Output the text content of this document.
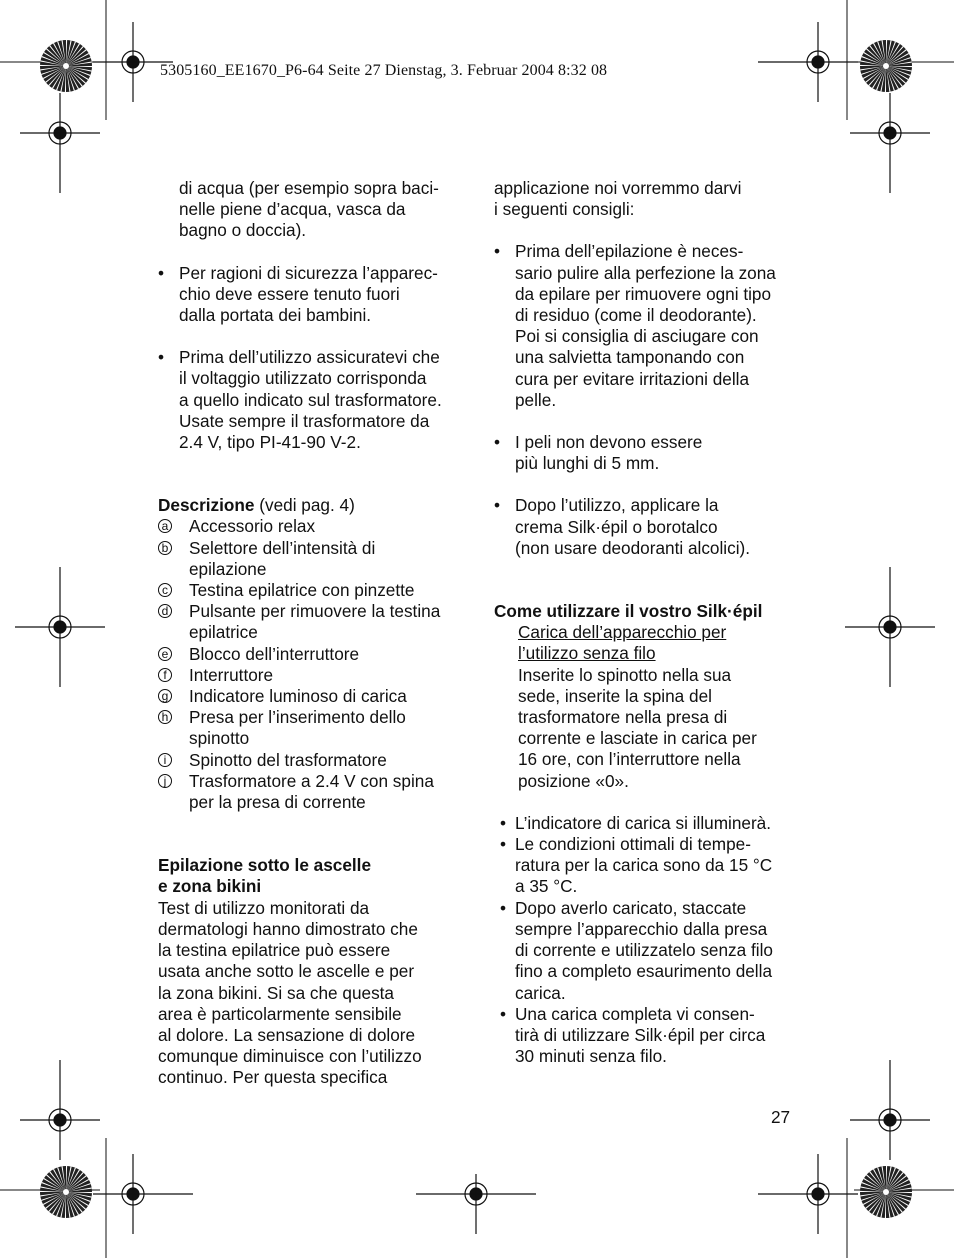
5305160_EE1670_P6-64 Seite 27 Dienstag, 3. Februar 2004 8:32 08
di acqua (per esempio sopra baci-
nelle piene d’acqua, vasca da
bagno o doccia).
• Per ragioni di sicurezza l’apparec-
chio deve essere tenuto fuori
dalla portata dei bambini.
• Prima dell’utilizzo assicuratevi che
il voltaggio utilizzato corrisponda
a quello indicato sul trasformatore.
Usate sempre il trasformatore da
2.4 V, tipo PI-41-90 V-2.
Descrizione (vedi pag. 4)
a Accessorio relax
b Selettore dell’intensità di
epilazione
c Testina epilatrice con pinzette
d Pulsante per rimuovere la testina
epilatrice
e Blocco dell’interruttore
f	Interruttore
g Indicatore luminoso di carica
h Presa per l’inserimento dello
spinotto
i	Spinotto del trasformatore
j	Trasformatore a 2.4 V con spina
per la presa di corrente
Epilazione sotto le ascelle
e zona bikini
Test di utilizzo monitorati da
dermatologi hanno dimostrato che
la testina epilatrice può essere
usata anche sotto le ascelle e per
la zona bikini. Si sa che questa
area è particolarmente sensibile
al dolore. La sensazione di dolore
comunque diminuisce con l’utilizzo
continuo. Per questa specifica
applicazione noi vorremmo darvi
i seguenti consigli:
• Prima dell’epilazione è neces-
sario pulire alla perfezione la zona
da epilare per rimuovere ogni tipo
di residuo (come il deodorante).
Poi si consiglia di asciugare con
una salvietta tamponando con
cura per evitare irritazioni della
pelle.
• I peli non devono essere
più lunghi di 5 mm.
• Dopo l’utilizzo, applicare la
crema Silk·épil o borotalco
(non usare deodoranti alcolici).
Come utilizzare il vostro Silk·épil
Carica dell’apparecchio per
l’utilizzo senza filo
Inserite lo spinotto nella sua
sede, inserite la spina del
trasformatore nella presa di
corrente e lasciate in carica per
16 ore, con l’interruttore nella
posizione «0».
• L’indicatore di carica si illuminerà.
• Le condizioni ottimali di tempe-
ratura per la carica sono da 15 °C
a 35 °C.
• Dopo averlo caricato, staccate
sempre l’apparecchio dalla presa
di corrente e utilizzatelo senza filo
fino a completo esaurimento della
carica.
• Una carica completa vi consen-
tirà di utilizzare Silk·épil per circa
30 minuti senza filo.
27
